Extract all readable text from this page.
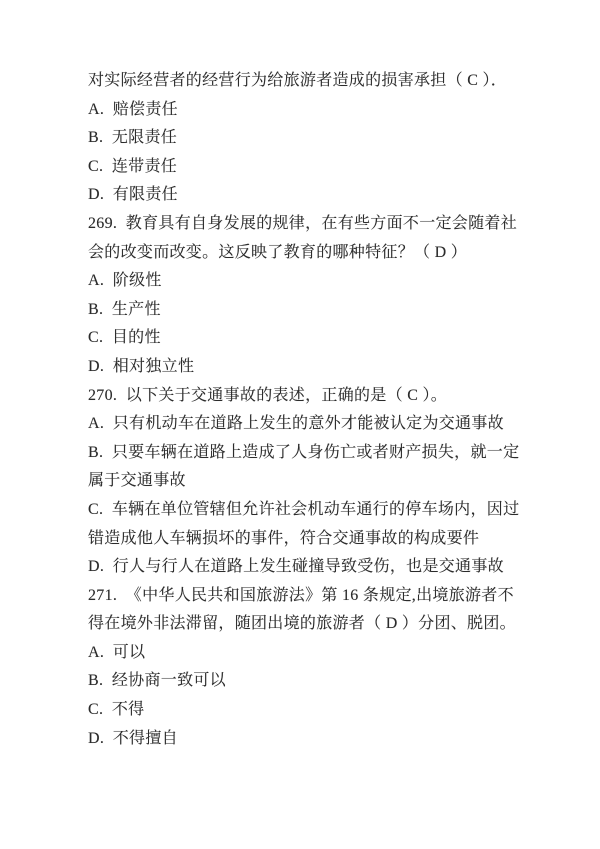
对实际经营者的经营行为给旅游者造成的损害承担（ C ）．
A.  赔偿责任
B.  无限责任
C.  连带责任
D.  有限责任
269.  教育具有自身发展的规律，在有些方面不一定会随着社
会的改变而改变。这反映了教育的哪种特征？（ D ）
A.  阶级性
B.  生产性
C.  目的性
D.  相对独立性
270.  以下关于交通事故的表述，正确的是（ C ）。
A.  只有机动车在道路上发生的意外才能被认定为交通事故
B.  只要车辆在道路上造成了人身伤亡或者财产损失，就一定
属于交通事故
C.  车辆在单位管辖但允许社会机动车通行的停车场内，因过
错造成他人车辆损坏的事件，符合交通事故的构成要件
D.  行人与行人在道路上发生碰撞导致受伤，也是交通事故
271.  《中华人民共和国旅游法》第 16 条规定,出境旅游者不
得在境外非法滞留，随团出境的旅游者（ D ）分团、脱团。
A.  可以
B.  经协商一致可以
C.  不得
D.  不得擅自
